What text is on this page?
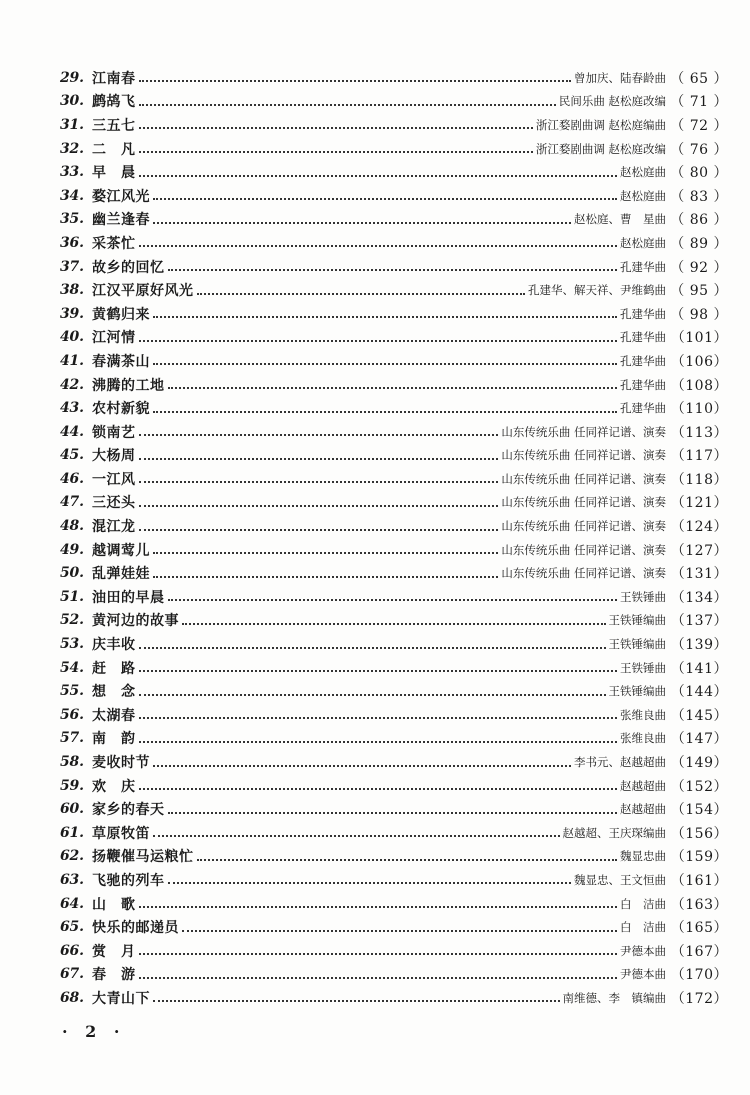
29. 江南春	曾加庆、陆春龄曲 （ 65 ）
30. 鹧鸪飞	民间乐曲 赵松庭改编 （ 71 ）
31. 三五七	浙江婺剧曲调 赵松庭编曲 （ 72 ）
32. 二　凡	浙江婺剧曲调 赵松庭改编 （ 76 ）
33. 早　晨	赵松庭曲 （ 80 ）
34. 婺江风光	赵松庭曲 （ 83 ）
35. 幽兰逢春	赵松庭、曹　星曲 （ 86 ）
36. 采茶忙	赵松庭曲 （ 89 ）
37. 故乡的回忆	孔建华曲 （ 92 ）
38. 江汉平原好风光	孔建华、解天祥、尹维鹤曲 （ 95 ）
39. 黄鹤归来	孔建华曲 （ 98 ）
40. 江河情	孔建华曲 （101）
41. 春满茶山	孔建华曲 （106）
42. 沸腾的工地	孔建华曲 （108）
43. 农村新貌	孔建华曲 （110）
44. 锁南艺	山东传统乐曲 任同祥记谱、演奏 （113）
45. 大杨周	山东传统乐曲 任同祥记谱、演奏 （117）
46. 一江风	山东传统乐曲 任同祥记谱、演奏 （118）
47. 三还头	山东传统乐曲 任同祥记谱、演奏 （121）
48. 混江龙	山东传统乐曲 任同祥记谱、演奏 （124）
49. 越调莺儿	山东传统乐曲 任同祥记谱、演奏 （127）
50. 乱弹娃娃	山东传统乐曲 任同祥记谱、演奏 （131）
51. 油田的早晨	王铁锤曲 （134）
52. 黄河边的故事	王铁锤编曲 （137）
53. 庆丰收	王铁锤编曲 （139）
54. 赶　路	王铁锤曲 （141）
55. 想　念	王铁锤编曲 （144）
56. 太湖春	张维良曲 （145）
57. 南　韵	张维良曲 （147）
58. 麦收时节	李书元、赵越超曲 （149）
59. 欢　庆	赵越超曲 （152）
60. 家乡的春天	赵越超曲 （154）
61. 草原牧笛	赵越超、王庆琛编曲 （156）
62. 扬鞭催马运粮忙	魏显忠曲 （159）
63. 飞驰的列车	魏显忠、王文恒曲 （161）
64. 山　歌	白　洁曲 （163）
65. 快乐的邮递员	白　洁曲 （165）
66. 赏　月	尹德本曲 （167）
67. 春　游	尹德本曲 （170）
68. 大青山下	南维德、李　镇编曲 （172）
· 2 ·
